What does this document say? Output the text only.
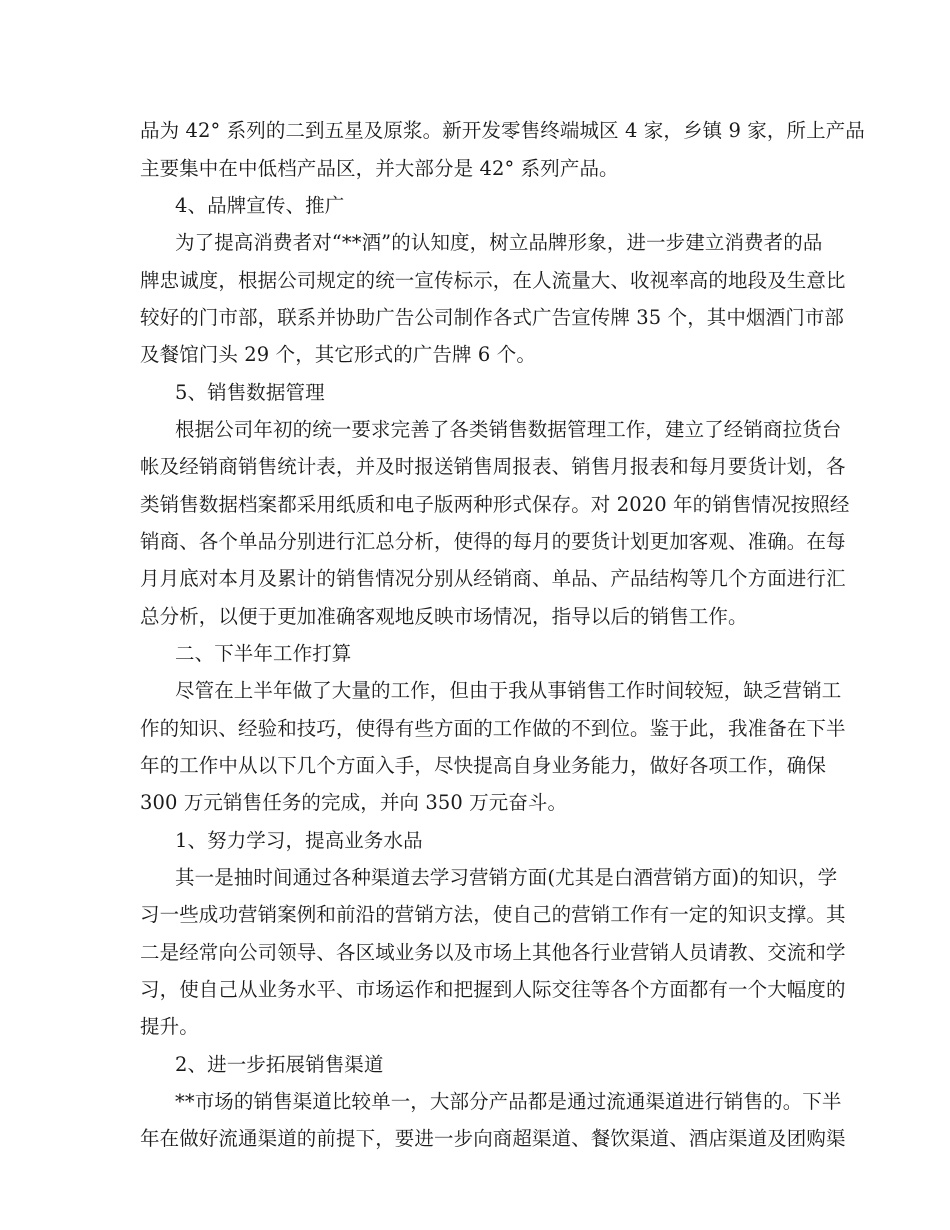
品为 42° 系列的二到五星及原浆。新开发零售终端城区 4 家，乡镇 9 家，所上产品
主要集中在中低档产品区，并大部分是 42° 系列产品。
4、品牌宣传、推广
为了提高消费者对“**酒”的认知度，树立品牌形象，进一步建立消费者的品
牌忠诚度，根据公司规定的统一宣传标示，在人流量大、收视率高的地段及生意比
较好的门市部，联系并协助广告公司制作各式广告宣传牌 35 个，其中烟酒门市部
及餐馆门头 29 个，其它形式的广告牌 6 个。
5、销售数据管理
根据公司年初的统一要求完善了各类销售数据管理工作，建立了经销商拉货台
帐及经销商销售统计表，并及时报送销售周报表、销售月报表和每月要货计划，各
类销售数据档案都采用纸质和电子版两种形式保存。对 2020 年的销售情况按照经
销商、各个单品分别进行汇总分析，使得的每月的要货计划更加客观、准确。在每
月月底对本月及累计的销售情况分别从经销商、单品、产品结构等几个方面进行汇
总分析，以便于更加准确客观地反映市场情况，指导以后的销售工作。
二、下半年工作打算
尽管在上半年做了大量的工作，但由于我从事销售工作时间较短，缺乏营销工
作的知识、经验和技巧，使得有些方面的工作做的不到位。鉴于此，我准备在下半
年的工作中从以下几个方面入手，尽快提高自身业务能力，做好各项工作，确保
300 万元销售任务的完成，并向 350 万元奋斗。
1、努力学习，提高业务水品
其一是抽时间通过各种渠道去学习营销方面(尤其是白酒营销方面)的知识，学
习一些成功营销案例和前沿的营销方法，使自己的营销工作有一定的知识支撑。其
二是经常向公司领导、各区域业务以及市场上其他各行业营销人员请教、交流和学
习，使自己从业务水平、市场运作和把握到人际交往等各个方面都有一个大幅度的
提升。
2、进一步拓展销售渠道
**市场的销售渠道比较单一，大部分产品都是通过流通渠道进行销售的。下半
年在做好流通渠道的前提下，要进一步向商超渠道、餐饮渠道、酒店渠道及团购渠
